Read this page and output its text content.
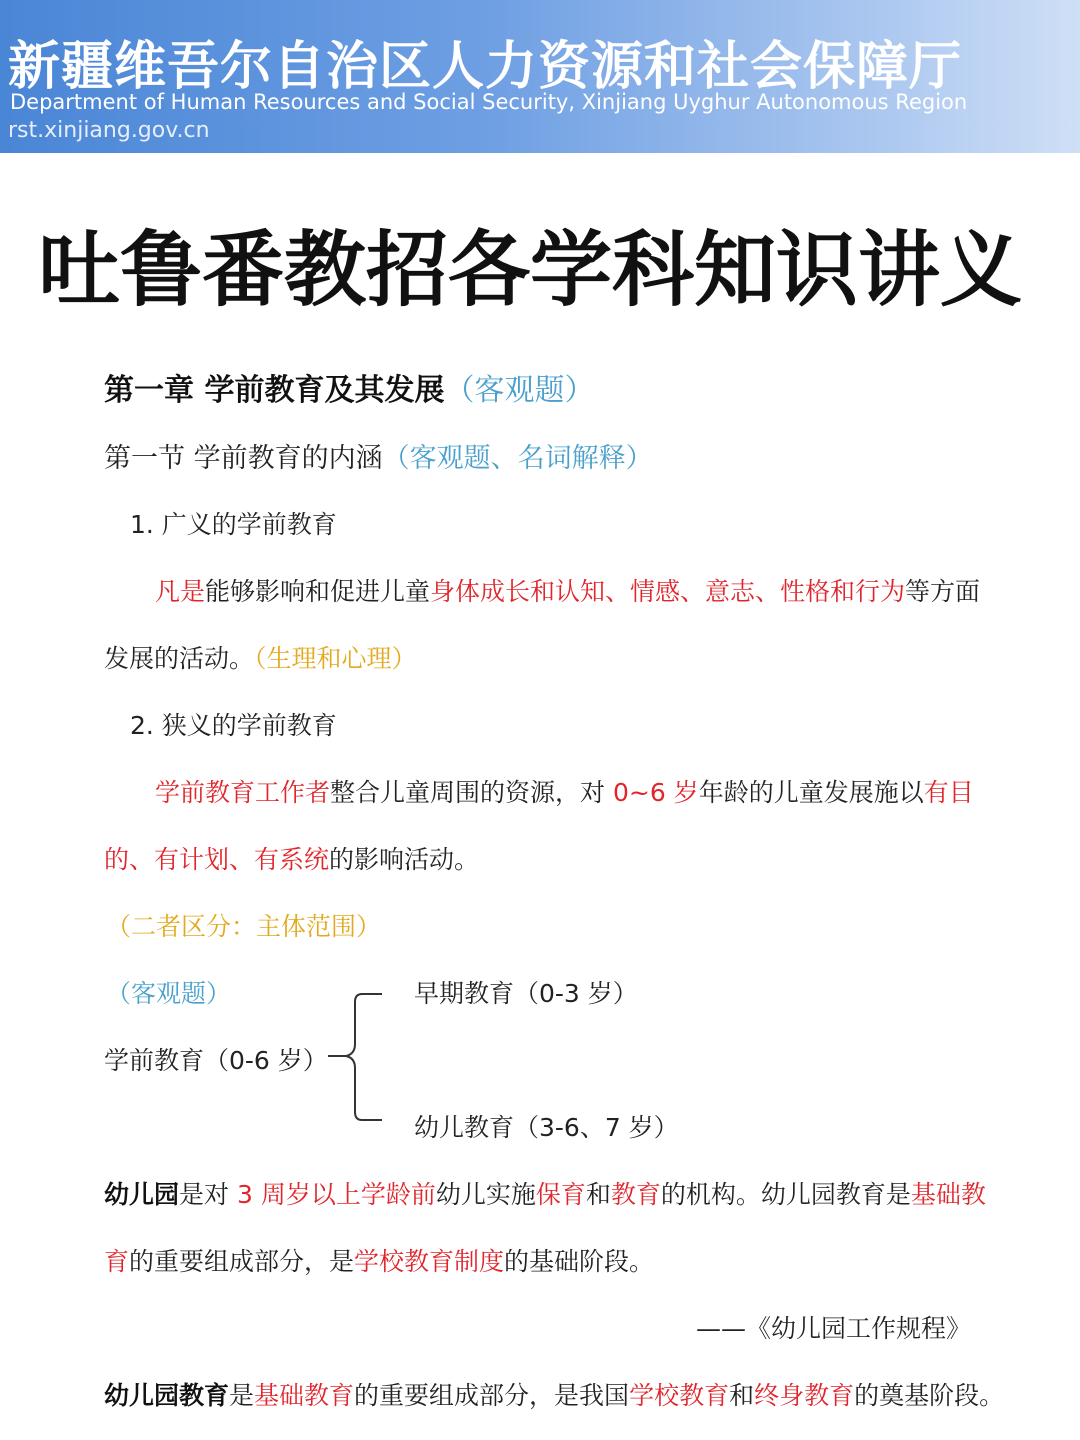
新疆维吾尔自治区人力资源和社会保障厅
Department of Human Resources and Social Security, Xinjiang Uyghur Autonomous Region
rst.xinjiang.gov.cn
吐鲁番教招各学科知识讲义
第一章 学前教育及其发展（客观题）
第一节 学前教育的内涵（客观题、名词解释）
1. 广义的学前教育
凡是能够影响和促进儿童身体成长和认知、情感、意志、性格和行为等方面
发展的活动。（生理和心理）
2. 狭义的学前教育
学前教育工作者整合儿童周围的资源，对 0~6 岁年龄的儿童发展施以有目
的、有计划、有系统的影响活动。
（二者区分：主体范围）
（客观题）
学前教育（0-6 岁）
早期教育（0-3 岁）
幼儿教育（3-6、7 岁）
幼儿园是对 3 周岁以上学龄前幼儿实施保育和教育的机构。幼儿园教育是基础教
育的重要组成部分，是学校教育制度的基础阶段。
——《幼儿园工作规程》
幼儿园教育是基础教育的重要组成部分，是我国学校教育和终身教育的奠基阶段。
